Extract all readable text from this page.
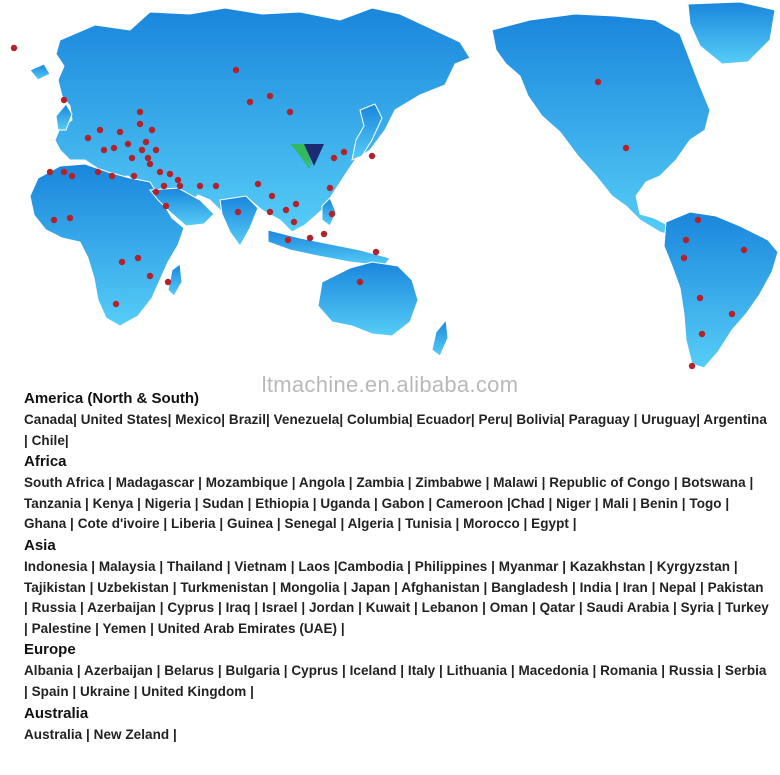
ltmachine.en.alibaba.com
America (North & South)
Canada| United States| Mexico| Brazil| Venezuela| Columbia| Ecuador| Peru| Bolivia| Paraguay | Uruguay| Argentina | Chile|
Africa
South Africa | Madagascar | Mozambique | Angola | Zambia | Zimbabwe | Malawi | Republic of Congo | Botswana | Tanzania | Kenya | Nigeria | Sudan | Ethiopia | Uganda | Gabon | Cameroon |Chad | Niger | Mali | Benin | Togo | Ghana | Cote d'ivoire | Liberia | Guinea | Senegal | Algeria | Tunisia | Morocco | Egypt |
Asia
Indonesia | Malaysia | Thailand | Vietnam | Laos |Cambodia | Philippines | Myanmar | Kazakhstan | Kyrgyzstan | Tajikistan | Uzbekistan | Turkmenistan | Mongolia | Japan | Afghanistan | Bangladesh | India | Iran | Nepal | Pakistan | Russia | Azerbaijan | Cyprus | Iraq | Israel | Jordan | Kuwait | Lebanon | Oman | Qatar | Saudi Arabia | Syria | Turkey | Palestine | Yemen | United Arab Emirates (UAE) |
Europe
Albania | Azerbaijan | Belarus | Bulgaria | Cyprus | Iceland | Italy | Lithuania | Macedonia | Romania | Russia | Serbia | Spain | Ukraine | United Kingdom |
Australia
Australia | New Zeland |
